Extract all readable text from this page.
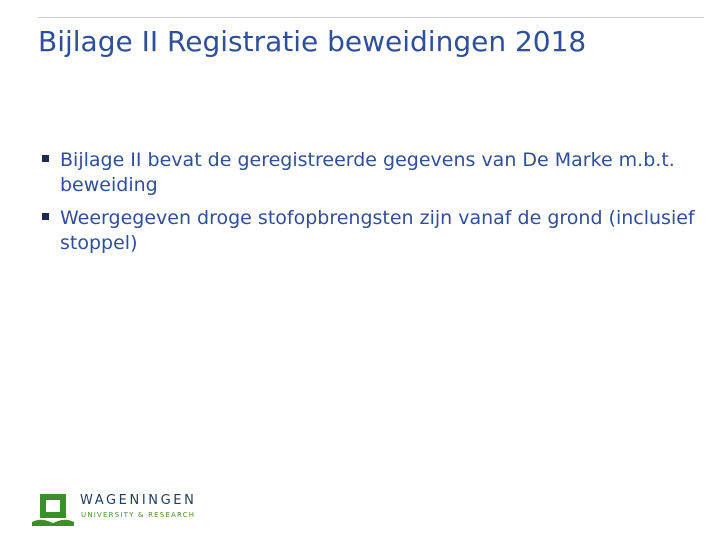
Bijlage II Registratie beweidingen 2018
Bijlage II bevat de geregistreerde gegevens van De Marke m.b.t. beweiding
Weergegeven droge stofopbrengsten zijn vanaf de grond (inclusief stoppel)
WAGENINGEN
UNIVERSITY & RESEARCH
